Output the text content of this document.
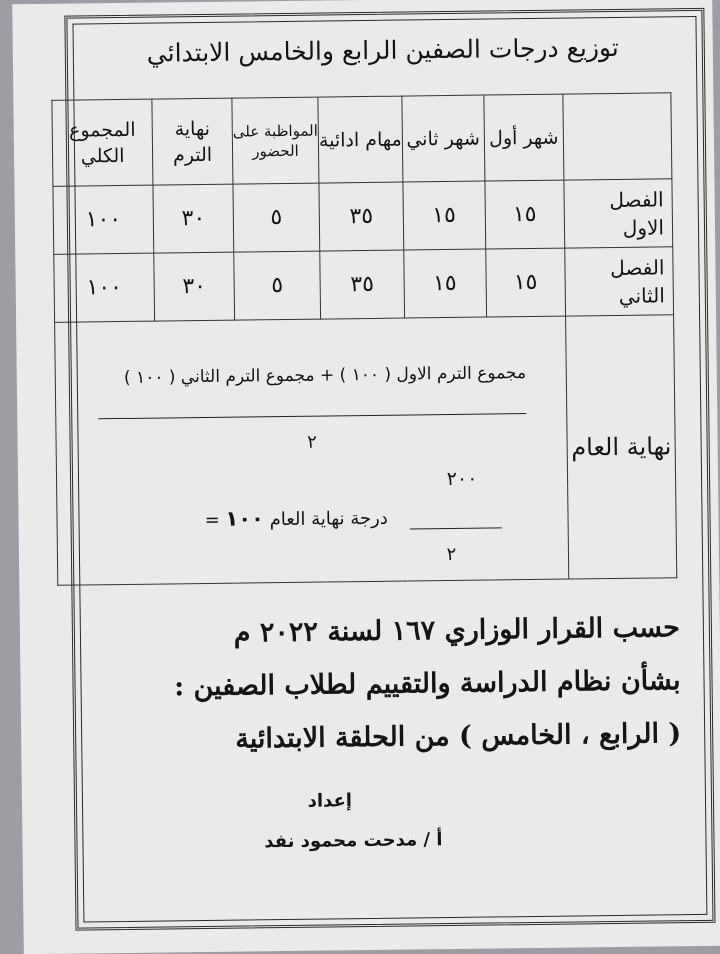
توزيع درجات الصفين الرابع والخامس الابتدائي
	شهر أول	شهر ثاني	مهام ادائية	المواظبة على الحضور	نهاية الترم	المجموع الكلي
الفصل الاول	١٥	١٥	٣٥	٥	٣٠	١٠٠
الفصل الثاني	١٥	١٥	٣٥	٥	٣٠	١٠٠
نهاية العام	مجموع الترم الاول ( ١٠٠ ) + مجموع الترم الثاني ( ١٠٠ )
٢
٢٠٠
٢
درجة نهاية العام ١٠٠ =					
حسب القرار الوزاري ١٦٧ لسنة ٢٠٢٢ م
بشأن نظام الدراسة والتقييم لطلاب الصفين :
( الرابع ، الخامس ) من الحلقة الابتدائية
إعداد
أ / مدحت محمود نفد
